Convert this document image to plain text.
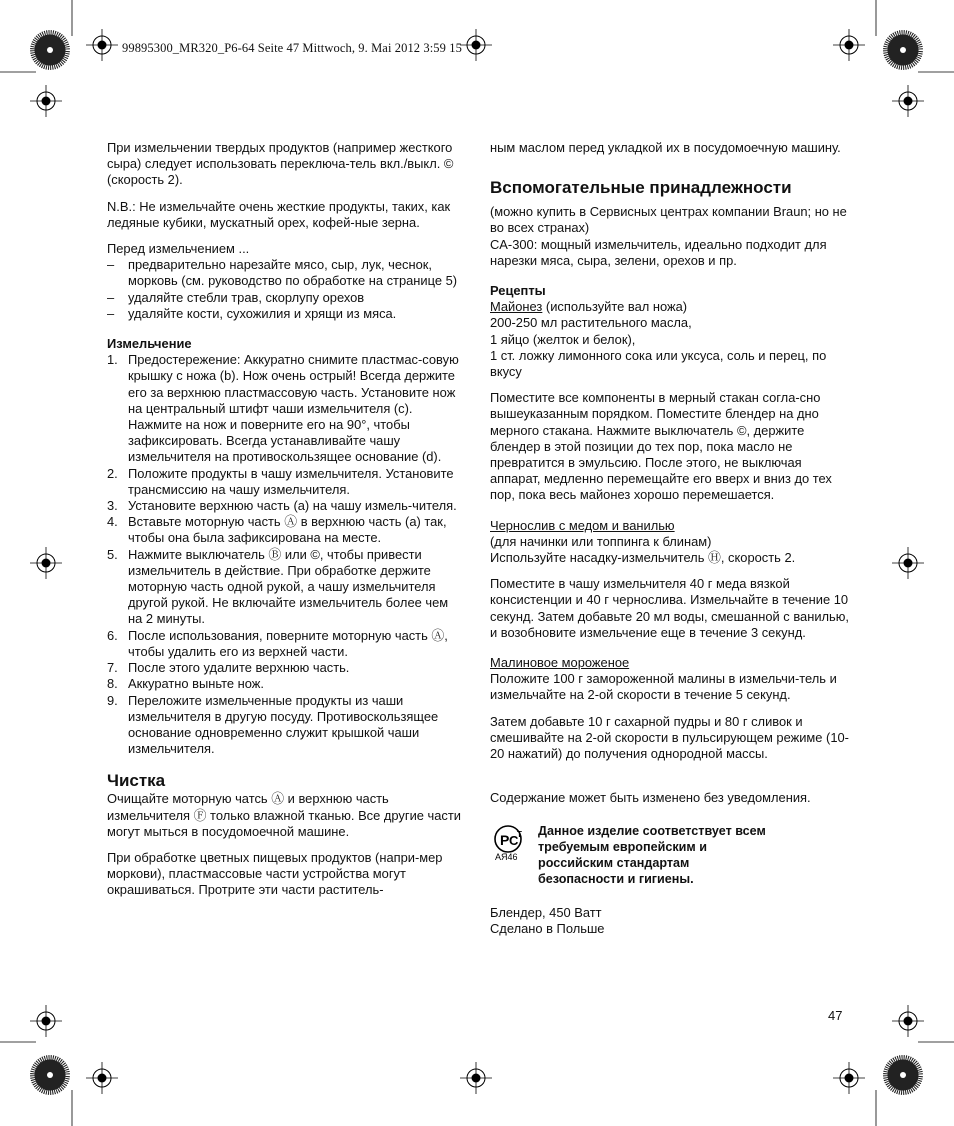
99895300_MR320_P6-64 Seite 47 Mittwoch, 9. Mai 2012 3:59 15

При измельчении твердых продуктов (например жесткого сыра) следует использовать переключа-тель вкл./выкл. © (скорость 2).

N.B.: Не измельчайте очень жесткие продукты, таких, как ледяные кубики, мускатный орех, кофей-ные зерна.

Перед измельчением ...

–	предварительно нарезайте мясо, сыр, лук, чеснок, морковь (см. руководство по обработке на странице 5)
–	удаляйте стебли трав, скорлупу орехов
–	удаляйте кости, сухожилия и хрящи из мяса.

Измельчение

1. Предостережение: Аккуратно снимите пластмас-совую крышку с ножа (b). Нож очень острый! Всегда держите его за верхнюю пластмассовую часть. Установите нож на центральный штифт чаши измельчителя (c). Нажмите на нож и поверните его на 90°, чтобы зафиксировать. Всегда устанавливайте чашу измельчителя на противоскользящее основание (d).
2. Положите продукты в чашу измельчителя. Установите трансмиссию на чашу измельчителя.
3. Установите верхнюю часть (a) на чашу измель-чителя.
4. Вставьте моторную часть Ⓐ в верхнюю часть (a) так, чтобы она была зафиксирована на месте.
5. Нажмите выключатель Ⓑ или ©, чтобы привести измельчитель в действие. При обработке держите моторную часть одной рукой, а чашу измельчителя другой рукой. Не включайте измельчитель более чем на 2 минуты.
6. После использования, поверните моторную часть Ⓐ, чтобы удалить его из верхней части.
7. После этого удалите верхнюю часть.
8. Аккуратно выньте нож.
9. Переложите измельченные продукты из чаши измельчителя в другую посуду. Противоскользящее основание одновременно служит крышкой чаши измельчителя.

Чистка

Очищайте моторную чатсь Ⓐ и верхнюю часть измельчителя Ⓕ только влажной тканью. Все другие части могут мыться в посудомоечной машине.

При обработке цветных пищевых продуктов (напри-мер моркови), пластмассовые части устройства могут окрашиваться. Протрите эти части раститель-

ным маслом перед укладкой их в посудомоечную машину.

Вспомогательные принадлежности

(можно купить в Сервисных центрах компании Braun; но не во всех странах)

CA-300: мощный измельчитель, идеально подходит для нарезки мяса, сыра, зелени, орехов и пр.

Рецепты

Майонез (используйте вал ножа)

200-250 мл растительного масла,

1 яйцо (желток и белок),

1 ст. ложку лимонного сока или уксуса, соль и перец, по вкусу

Поместите все компоненты в мерный стакан согла-сно вышеуказанным порядком. Поместите блендер на дно мерного стакана. Нажмите выключатель ©, держите блендер в этой позиции до тех пор, пока масло не превратится в эмульсию. После этого, не выключая аппарат, медленно перемещайте его вверх и вниз до тех пор, пока весь майонез хорошо перемешается.

Чернослив с медом и ванилью

(для начинки или топпинга к блинам)

Используйте насадку-измельчитель Ⓗ, скорость 2.

Поместите в чашу измельчителя 40 г меда вязкой консистенции и 40 г чернослива. Измельчайте в течение 10 секунд. Затем добавьте 20 мл воды, смешанной с ванилью, и возобновите измельчение еще в течение 3 секунд.

Малиновое мороженое

Положите 100 г замороженной малины в измельчи-тель и измельчайте на 2-ой скорости в течение 5 секунд.

Затем добавьте 10 г сахарной пудры и 80 г сливок и смешивайте на 2-ой скорости в пульсирующем режиме (10-20 нажатий) до получения однородной массы.

Содержание может быть изменено без уведомления.

P C
T
АЯ46

Данное изделие соответствует всем требуемым европейским и российским стандартам безопасности и гигиены.

Блендер, 450 Ватт

Сделано в Польше

47
